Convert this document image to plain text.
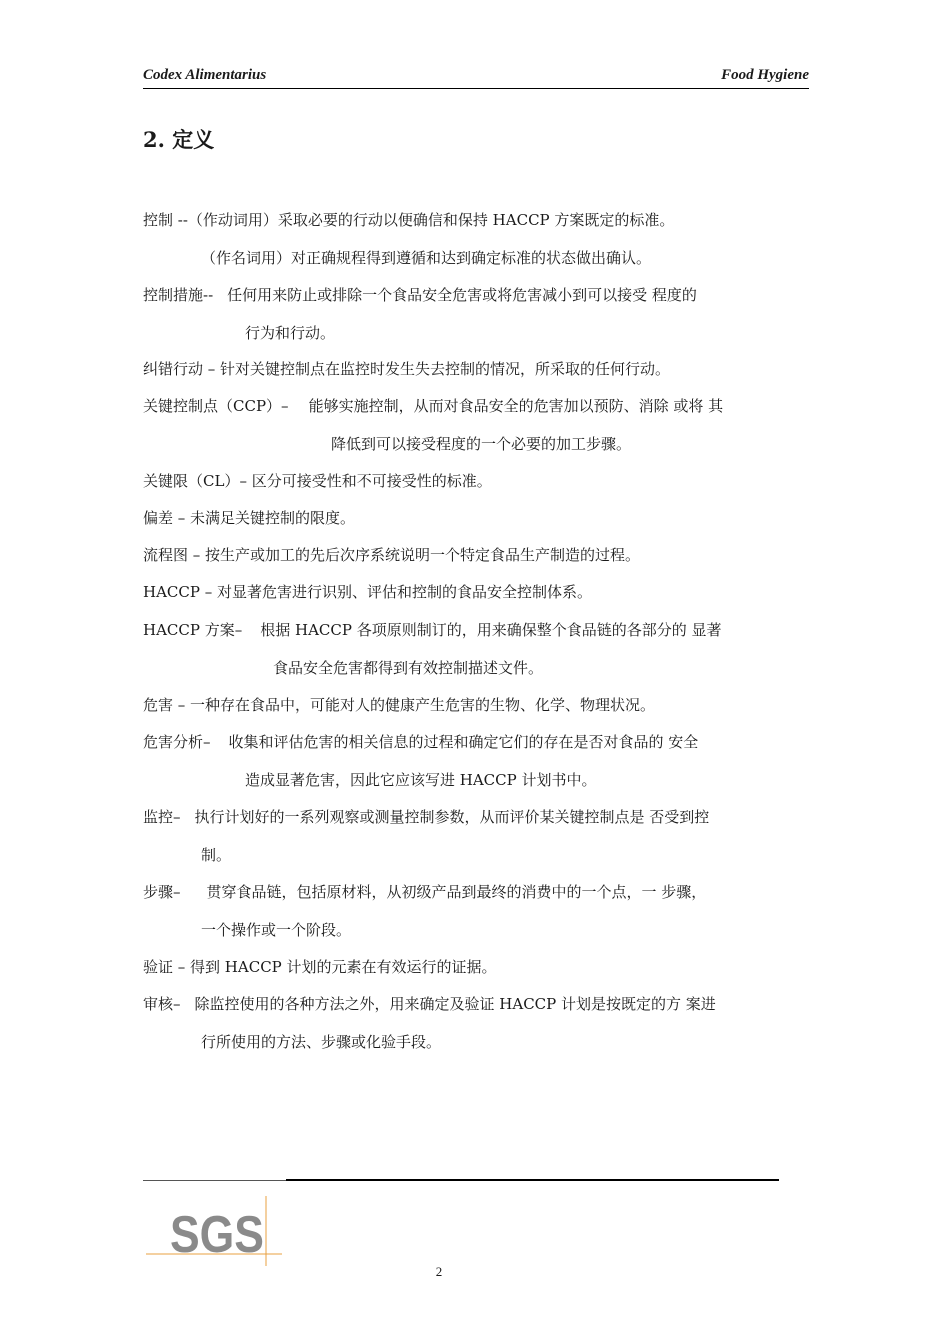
Codex Alimentarius	Food Hygiene
2. 定义
控制 --（作动词用）采取必要的行动以便确信和保持 HACCP 方案既定的标准。
（作名词用）对正确规程得到遵循和达到确定标准的状态做出确认。
控制措施-- 任何用来防止或排除一个食品安全危害或将危害减小到可以接受 程度的
行为和行动。
纠错行动 – 针对关键控制点在监控时发生失去控制的情况，所采取的任何行动。
关键控制点（CCP）– 能够实施控制，从而对食品安全的危害加以预防、消除 或将 其
降低到可以接受程度的一个必要的加工步骤。
关键限（CL）– 区分可接受性和不可接受性的标准。
偏差 – 未满足关键控制的限度。
流程图 – 按生产或加工的先后次序系统说明一个特定食品生产制造的过程。
HACCP – 对显著危害进行识别、评估和控制的食品安全控制体系。
HACCP 方案– 根据 HACCP 各项原则制订的，用来确保整个食品链的各部分的 显著
食品安全危害都得到有效控制描述文件。
危害 – 一种存在食品中，可能对人的健康产生危害的生物、化学、物理状况。
危害分析– 收集和评估危害的相关信息的过程和确定它们的存在是否对食品的 安全
造成显著危害，因此它应该写进 HACCP 计划书中。
监控– 执行计划好的一系列观察或测量控制参数，从而评价某关键控制点是 否受到控
制。
步骤– 贯穿食品链，包括原材料，从初级产品到最终的消费中的一个点，一 步骤，
一个操作或一个阶段。
验证 – 得到 HACCP 计划的元素在有效运行的证据。
审核– 除监控使用的各种方法之外，用来确定及验证 HACCP 计划是按既定的方 案进
行所使用的方法、步骤或化验手段。
SGS
2
